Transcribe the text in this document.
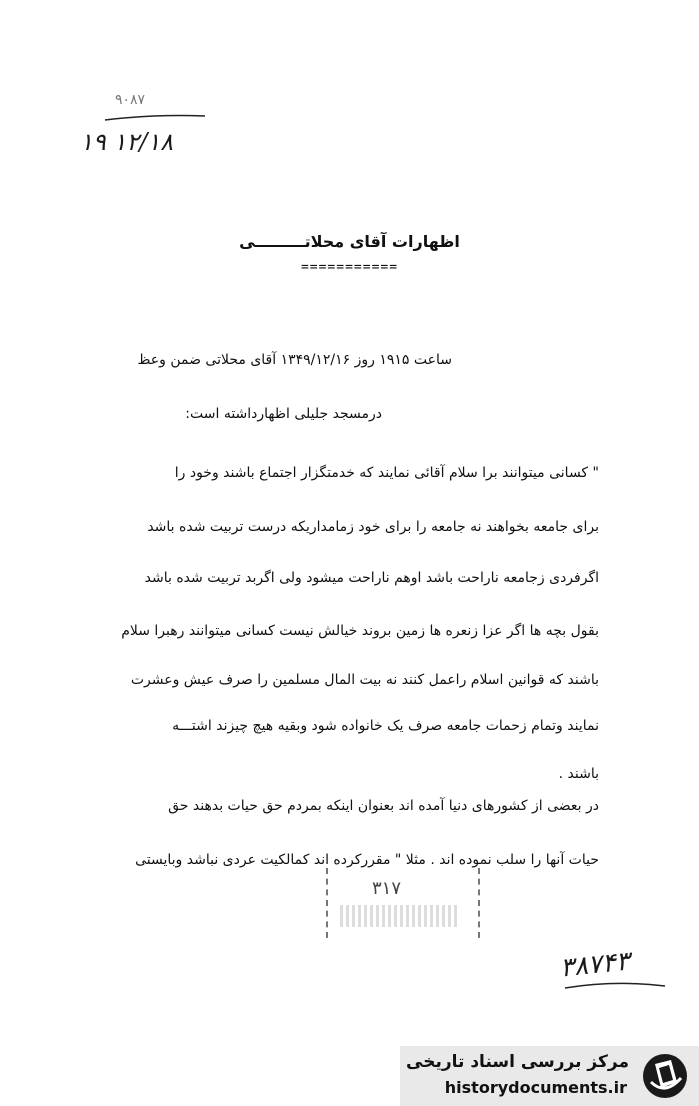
۹۰۸۷
۱۹ ۱۲/۱۸
اظهارات آقای محلاتـــــــــی
===========
ساعت ۱۹۱۵ روز ۱۳۴۹/۱۲/۱۶ آقای محلاتی ضمن وعظ
درمسجد جلیلی اظهارداشته است:
" کسانی میتوانند برا سلام آقائی نمایند که خدمتگزار اجتماع باشند وخود را
برای جامعه بخواهند نه جامعه را برای خود زمامداریکه درست تربیت شده باشد
اگرفردی زجامعه ناراحت باشد اوهم ناراحت میشود ولی اگربد تربیت شده باشد
بقول بچه ها اگر عزا زنعره ها زمین بروند خیالش نیست کسانی میتوانند رهبرا سلام
باشند که قوانین اسلام راعمل کنند نه بیت المال مسلمین را صرف عیش وعشرت
نمایند وتمام زحمات جامعه صرف یک خانواده شود وبقیه هیچ چیزند اشتـــه
باشند .
در بعضی از کشورهای دنیا آمده اند بعنوان اینکه بمردم حق حیات بدهند حق
حیات آنها را سلب نموده اند . مثلا " مقررکرده اند کمالکیت عردی نباشد وبایستی
۳۱۷
۳۸۷۴۳
مرکز بررسی اسناد تاریخی
historydocuments.ir
